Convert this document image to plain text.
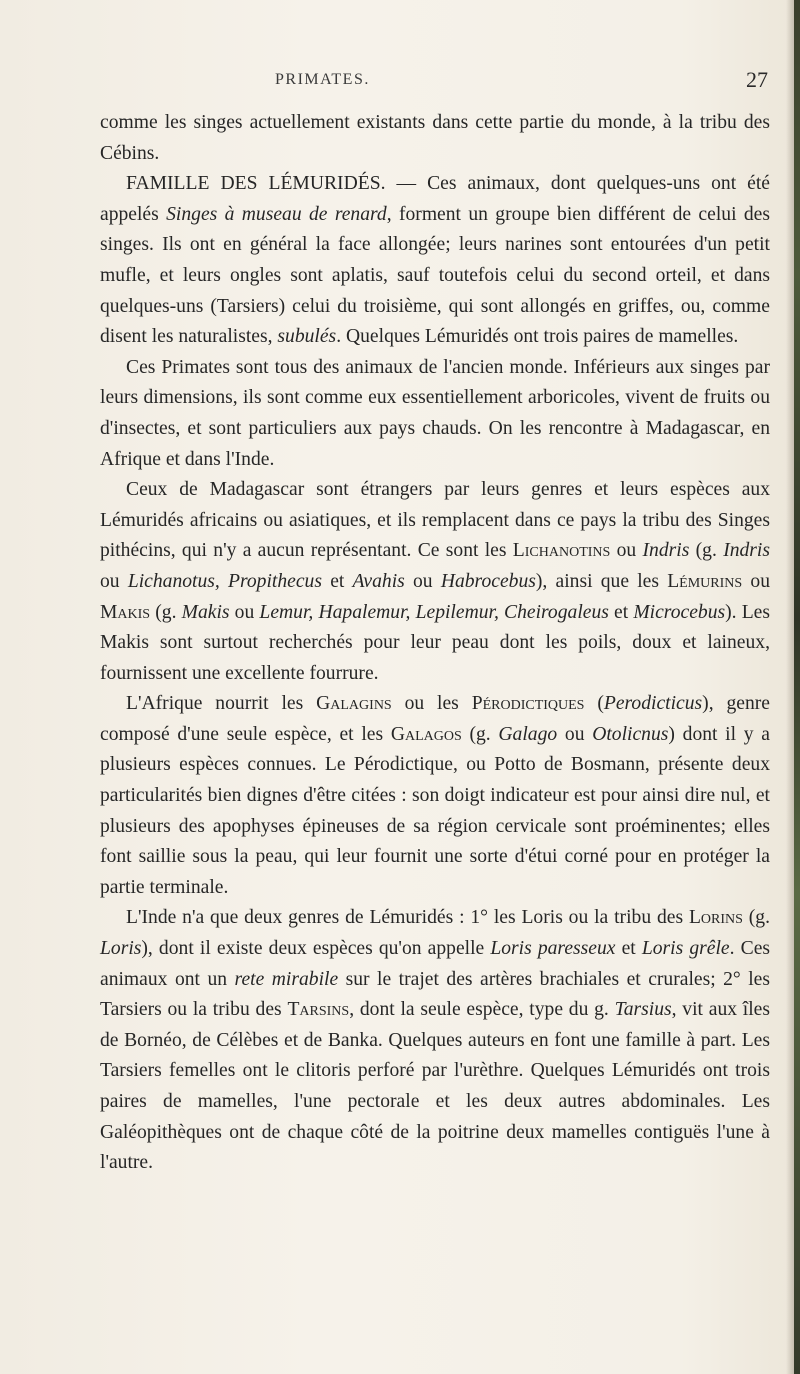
PRIMATES.	27

comme les singes actuellement existants dans cette partie du monde, à la tribu des Cébins.

FAMILLE DES LÉMURIDÉS. — Ces animaux, dont quelques-uns ont été appelés Singes à museau de renard, forment un groupe bien différent de celui des singes. Ils ont en général la face allongée; leurs narines sont entourées d'un petit mufle, et leurs ongles sont aplatis, sauf toutefois celui du second orteil, et dans quelques-uns (Tarsiers) celui du troisième, qui sont allongés en griffes, ou, comme disent les naturalistes, subulés. Quelques Lémuridés ont trois paires de mamelles.

Ces Primates sont tous des animaux de l'ancien monde. Inférieurs aux singes par leurs dimensions, ils sont comme eux essentiellement arboricoles, vivent de fruits ou d'insectes, et sont particuliers aux pays chauds. On les rencontre à Madagascar, en Afrique et dans l'Inde.

Ceux de Madagascar sont étrangers par leurs genres et leurs espèces aux Lémuridés africains ou asiatiques, et ils remplacent dans ce pays la tribu des Singes pithécins, qui n'y a aucun représentant. Ce sont les Lichanotins ou Indris (g. Indris ou Lichanotus, Propithecus et Avahis ou Habrocebus), ainsi que les Lémurins ou Makis (g. Makis ou Lemur, Hapalemur, Lepilemur, Cheirogaleus et Microcebus). Les Makis sont surtout recherchés pour leur peau dont les poils, doux et laineux, fournissent une excellente fourrure.

L'Afrique nourrit les Galagins ou les Pérodictiques (Perodicticus), genre composé d'une seule espèce, et les Galagos (g. Galago ou Otolicnus) dont il y a plusieurs espèces connues. Le Pérodictique, ou Potto de Bosmann, présente deux particularités bien dignes d'être citées : son doigt indicateur est pour ainsi dire nul, et plusieurs des apophyses épineuses de sa région cervicale sont proéminentes; elles font saillie sous la peau, qui leur fournit une sorte d'étui corné pour en protéger la partie terminale.

L'Inde n'a que deux genres de Lémuridés : 1° les Loris ou la tribu des Lorins (g. Loris), dont il existe deux espèces qu'on appelle Loris paresseux et Loris grêle. Ces animaux ont un rete mirabile sur le trajet des artères brachiales et crurales; 2° les Tarsiers ou la tribu des Tarsins, dont la seule espèce, type du g. Tarsius, vit aux îles de Bornéo, de Célèbes et de Banka. Quelques auteurs en font une famille à part. Les Tarsiers femelles ont le clitoris perforé par l'urèthre. Quelques Lémuridés ont trois paires de mamelles, l'une pectorale et les deux autres abdominales. Les Galéopithèques ont de chaque côté de la poitrine deux mamelles contiguës l'une à l'autre.
